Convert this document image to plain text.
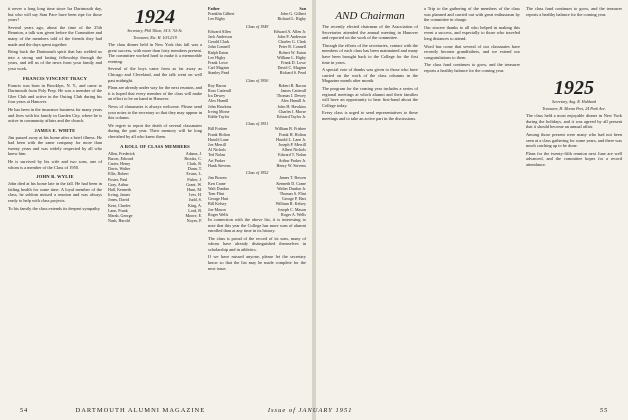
it never a long long time since Ira Dartmouth day, but who will say Stan Pace have been ripe for those years?

Several years ago, about the time of the 25th Reunion, a talk was given before the Committee and many of the members told of the friends they had made and the days spent together.

Bring back the Dartmouth spirit that has welded us into a strong and lasting fellowship through the years, and tell us of the news from your family and your work.

FRANCIS VINCENT TRACY

Francis was born in Brooklyn, N. Y., and came to Dartmouth from Poly Prep. He was a member of the Glee Club and active in the Outing Club during his four years at Hanover.

He has been in the insurance business for many years and lives with his family in Garden City, where he is active in community affairs and the church.

JAMES E. WHITE

Jim passed away at his home after a brief illness. He had been with the same company for more than twenty years and was widely respected by all who knew him.

He is survived by his wife and two sons, one of whom is a member of the Class of 1950.

JOHN B. WYLIE

John died at his home late in the fall. He had been in failing health for some time. A loyal member of the class, he seldom missed a reunion and was always ready to help with class projects.

To his family the class extends its deepest sympathy.

1924

Secretary, Phil Tilton, 34 S. 7th St.

Treasurer, Ric. H. 10/12/19

The class dinner held in New York this fall was a great success, with more than forty members present. The committee worked hard to make it a memorable evening.

Several of the boys came from as far away as Chicago and Cleveland, and the talk went on well past midnight.

Plans are already under way for the next reunion, and it is hoped that every member of the class will make an effort to be on hand in Hanover.

News of classmates is always welcome. Please send your notes to the secretary so that they may appear in this column.

We regret to report the death of several classmates during the past year. Their memory will be long cherished by all who knew them.

A ROLL OF CLASS MEMBERS

Allen, Frederick	Adams, J.
Bacon, Edward	Brooks, C.
Carter, Henry	Clark, R.
Davis, Walter	Dunn, T.
Ellis, Robert	Evans, L.
Foster, Paul	Fisher, J.
Gray, Arthur	Grant, W.
Hall, Kenneth	Hunt, M.
Irving, James	Ives, H.
Jones, David	Judd, S.
Kent, Charles	King, A.
Lane, Frank	Lord, B.
Marsh, George	Moore, E.
Nash, Harold	Noyes, P.
Father	Son
Franklin Gilbert	John G. Gilbert
Lee Rigby	Richard L. Rigby
Class of 1949
Edward Allen	Edward A. Allen Jr.
Jack Anderson	John P. Anderson
Gerald Clark	Charles G. Clark
John Connell	Peter R. Connell
Ralph Eaton	Robert W. Eaton
Lee Higby	William L. Higby
Frank Lowe	Frank D. Lowe
Carl Maginn	David C. Maginn
Stanley Pead	Richard S. Pead
Class of 1950
Roy Bacon	Robert R. Bacon
Ross Catterall	James Catterall
Ira Dewey	Thomas I. Dewey
Alex Hamill	Alex Hamill Jr.
John Hawkins	John H. Hawkins
Irving Morse	Charles I. Morse
Eddie Taylor	Edward Taylor Jr.
Class of 1951
Bill Frisbee	William B. Frisbee
Frank Holton	Frank H. Holton
Harold Lane	Harold L. Lane Jr.
Joe Merrill	Joseph P. Merrill
Al Nichols	Albert Nichols
Ted Nolan	Edward T. Nolan
Art Parker	Arthur Parker Jr.
Hank Stevens	Henry W. Stevens
Class of 1952
Jim Bowen	James T. Bowen
Ken Crane	Kenneth D. Crane
Walt Dunbar	Walter Dunbar Jr.
Tom Flint	Thomas S. Flint
George Hart	George P. Hart
Bill Kelsey	William R. Kelsey
Joe Mason	Joseph C. Mason
Roger Wells	Roger A. Wells

In connection with the above list, it is interesting to note that this year the College has more sons of alumni enrolled than at any time in its history.

The class is proud of the record of its sons, many of whom have already distinguished themselves in scholarship and in athletics.

If we have missed anyone, please let the secretary know so that the list may be made complete for the next issue.

AND Chairman

The recently elected chairman of the Association of Secretaries attended the annual meeting in Hanover and reported on the work of the committee.

Through the efforts of the secretaries, contact with the members of each class has been maintained and many have been brought back to the College for the first time in years.

A special vote of thanks was given to those who have carried on the work of the class columns in the Magazine month after month.

The program for the coming year includes a series of regional meetings at which alumni and their families will have an opportunity to hear first-hand about the College today.

Every class is urged to send representatives to these meetings and to take an active part in the discussions.

a Trip to the gathering of the members of the class was planned and carried out with great enthusiasm by the committee in charge.

Our sincere thanks to all who helped in making this event a success, and especially to those who traveled long distances to attend.

Word has come that several of our classmates have recently become grandfathers, and we extend our congratulations to them.

The class fund continues to grow, and the treasurer reports a healthy balance for the coming year.

The class fund continues to grow, and the treasurer reports a healthy balance for the coming year.

1925

Secretary, Aug. R. Hubbard

Treasurer, H. Moran Peet, 24 Park Ave.

The class held a most enjoyable dinner in New York during the holidays, and it was agreed by all present that it should become an annual affair.

Among those present were many who had not been seen at a class gathering for some years, and there was much catching up to be done.

Plans for the twenty-fifth reunion next June are well advanced, and the committee hopes for a record attendance.

54	DARTMOUTH ALUMNI MAGAZINE	Issue of JANUARY 1951	55
